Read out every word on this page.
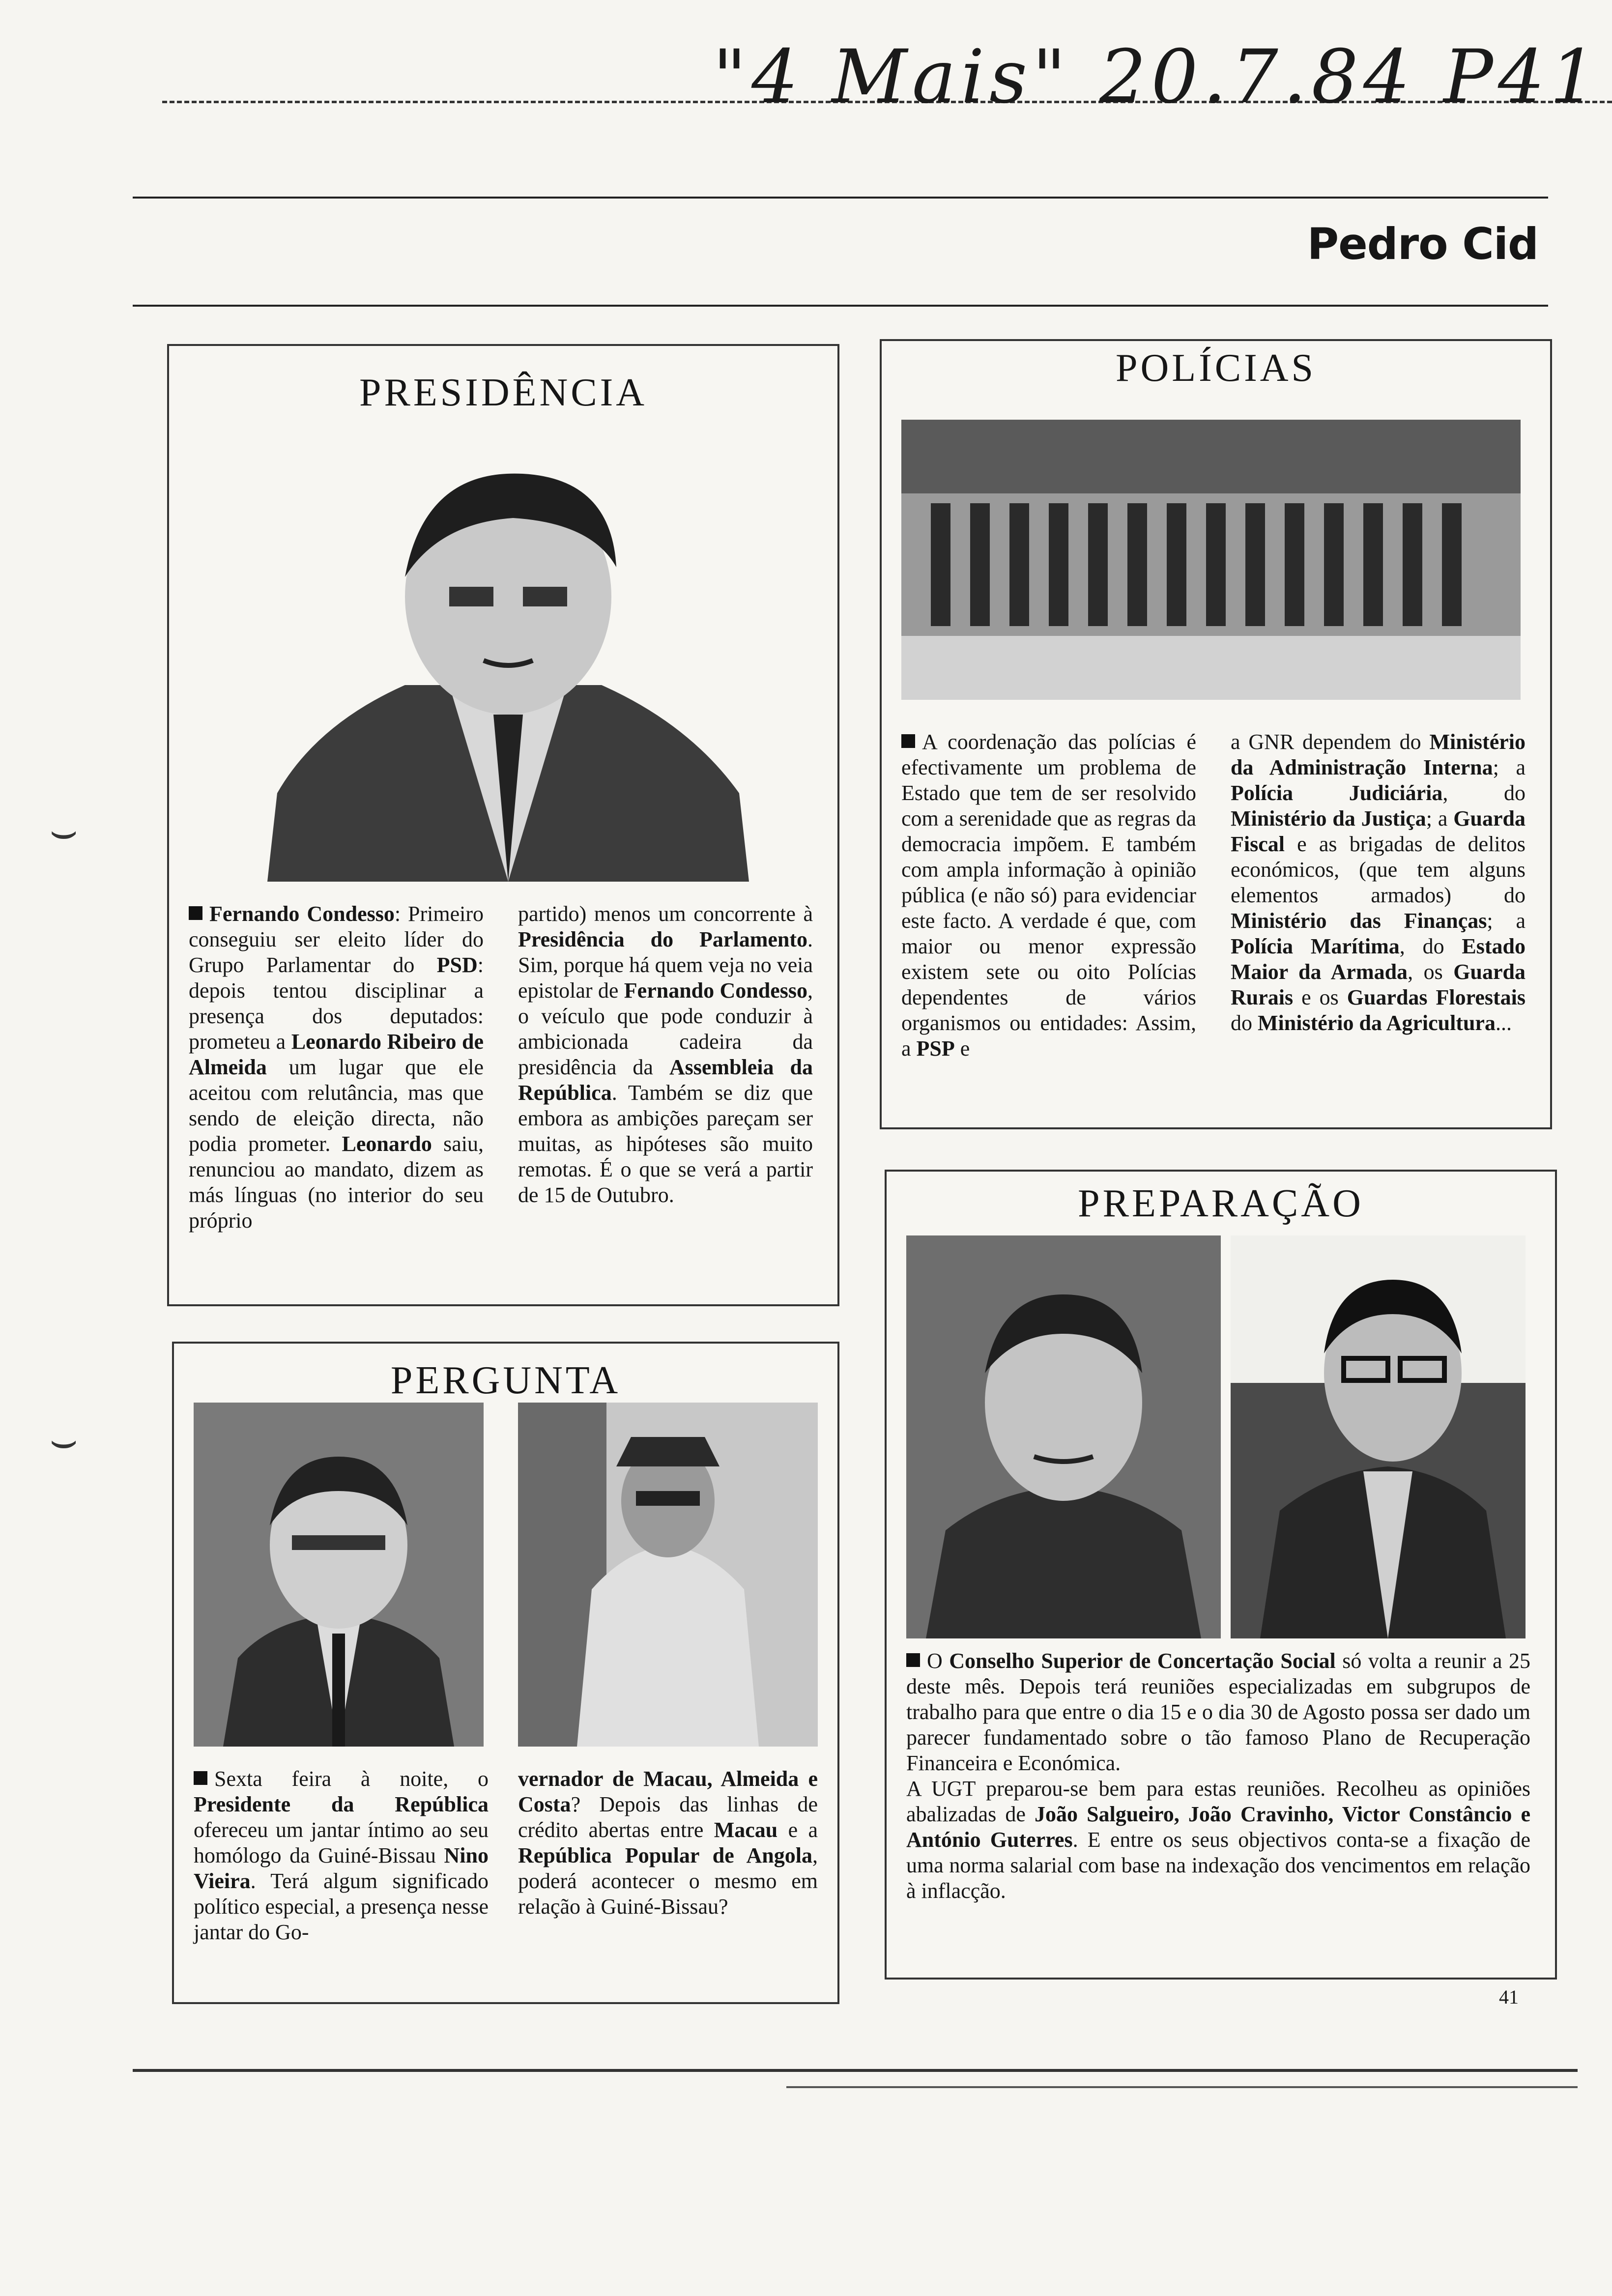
"4 Mais" 20.7.84 P41
Pedro Cid
⌣
⌣
PRESIDÊNCIA
Fernando Condesso: Primeiro conseguiu ser eleito líder do Grupo Parlamentar do PSD: depois tentou disciplinar a presença dos deputados: prometeu a Leonardo Ribeiro de Almeida um lugar que ele aceitou com relutância, mas que sendo de eleição directa, não podia prometer. Leonardo saiu, renunciou ao mandato, dizem as más línguas (no interior do seu próprio
partido) menos um concorrente à Presidência do Parlamento. Sim, porque há quem veja no veia epistolar de Fernando Condesso, o veículo que pode conduzir à ambicionada cadeira da presidência da Assembleia da República. Também se diz que embora as ambições pareçam ser muitas, as hipóteses são muito remotas. É o que se verá a partir de 15 de Outubro.
POLÍCIAS
A coordenação das polícias é efectivamente um problema de Estado que tem de ser resolvido com a serenidade que as regras da democracia impõem. E também com ampla informação à opinião pública (e não só) para evidenciar este facto. A verdade é que, com maior ou menor expressão existem sete ou oito Polícias dependentes de vários organismos ou entidades: Assim, a PSP e
a GNR dependem do Ministério da Administração Interna; a Polícia Judiciária, do Ministério da Justiça; a Guarda Fiscal e as brigadas de delitos económicos, (que tem alguns elementos armados) do Ministério das Finanças; a Polícia Marítima, do Estado Maior da Armada, os Guarda Rurais e os Guardas Florestais do Ministério da Agricultura...
PERGUNTA
Sexta feira à noite, o Presidente da República ofereceu um jantar íntimo ao seu homólogo da Guiné-Bissau Nino Vieira. Terá algum significado político especial, a presença nesse jantar do Go-
vernador de Macau, Almeida e Costa? Depois das linhas de crédito abertas entre Macau e a República Popular de Angola, poderá acontecer o mesmo em relação à Guiné-Bissau?
PREPARAÇÃO
O Conselho Superior de Concertação Social só volta a reunir a 25 deste mês. Depois terá reuniões especializadas em subgrupos de trabalho para que entre o dia 15 e o dia 30 de Agosto possa ser dado um parecer fundamentado sobre o tão famoso Plano de Recuperação Financeira e Económica.
A UGT preparou-se bem para estas reuniões. Recolheu as opiniões abalizadas de João Salgueiro, João Cravinho, Victor Constâncio e António Guterres. E entre os seus objectivos conta-se a fixação de uma norma salarial com base na indexação dos vencimentos em relação à inflacção.
41
